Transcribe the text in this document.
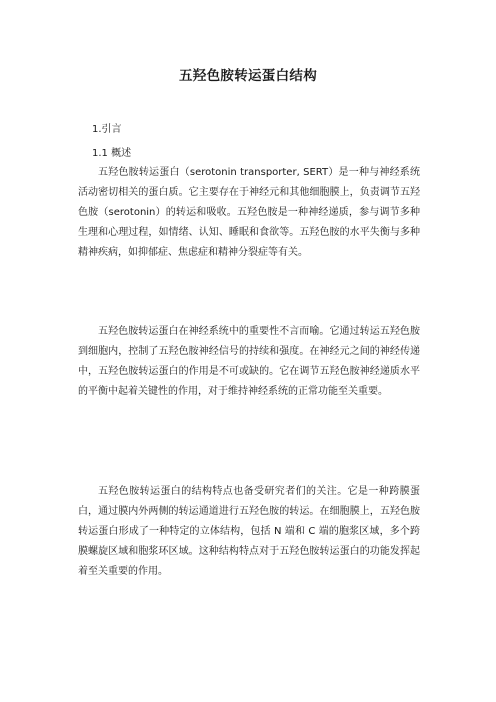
五羟色胺转运蛋白结构
1.引言
1.1 概述

五羟色胺转运蛋白（serotonin transporter, SERT）是一种与神经系统活动密切相关的蛋白质。它主要存在于神经元和其他细胞膜上，负责调节五羟色胺（serotonin）的转运和吸收。五羟色胺是一种神经递质，参与调节多种生理和心理过程，如情绪、认知、睡眠和食欲等。五羟色胺的水平失衡与多种精神疾病，如抑郁症、焦虑症和精神分裂症等有关。

五羟色胺转运蛋白在神经系统中的重要性不言而喻。它通过转运五羟色胺到细胞内，控制了五羟色胺神经信号的持续和强度。在神经元之间的神经传递中，五羟色胺转运蛋白的作用是不可或缺的。它在调节五羟色胺神经递质水平的平衡中起着关键性的作用，对于维持神经系统的正常功能至关重要。

五羟色胺转运蛋白的结构特点也备受研究者们的关注。它是一种跨膜蛋白，通过膜内外两侧的转运通道进行五羟色胺的转运。在细胞膜上，五羟色胺转运蛋白形成了一种特定的立体结构，包括 N 端和 C 端的胞浆区域，多个跨膜螺旋区域和胞浆环区域。这种结构特点对于五羟色胺转运蛋白的功能发挥起着至关重要的作用。
